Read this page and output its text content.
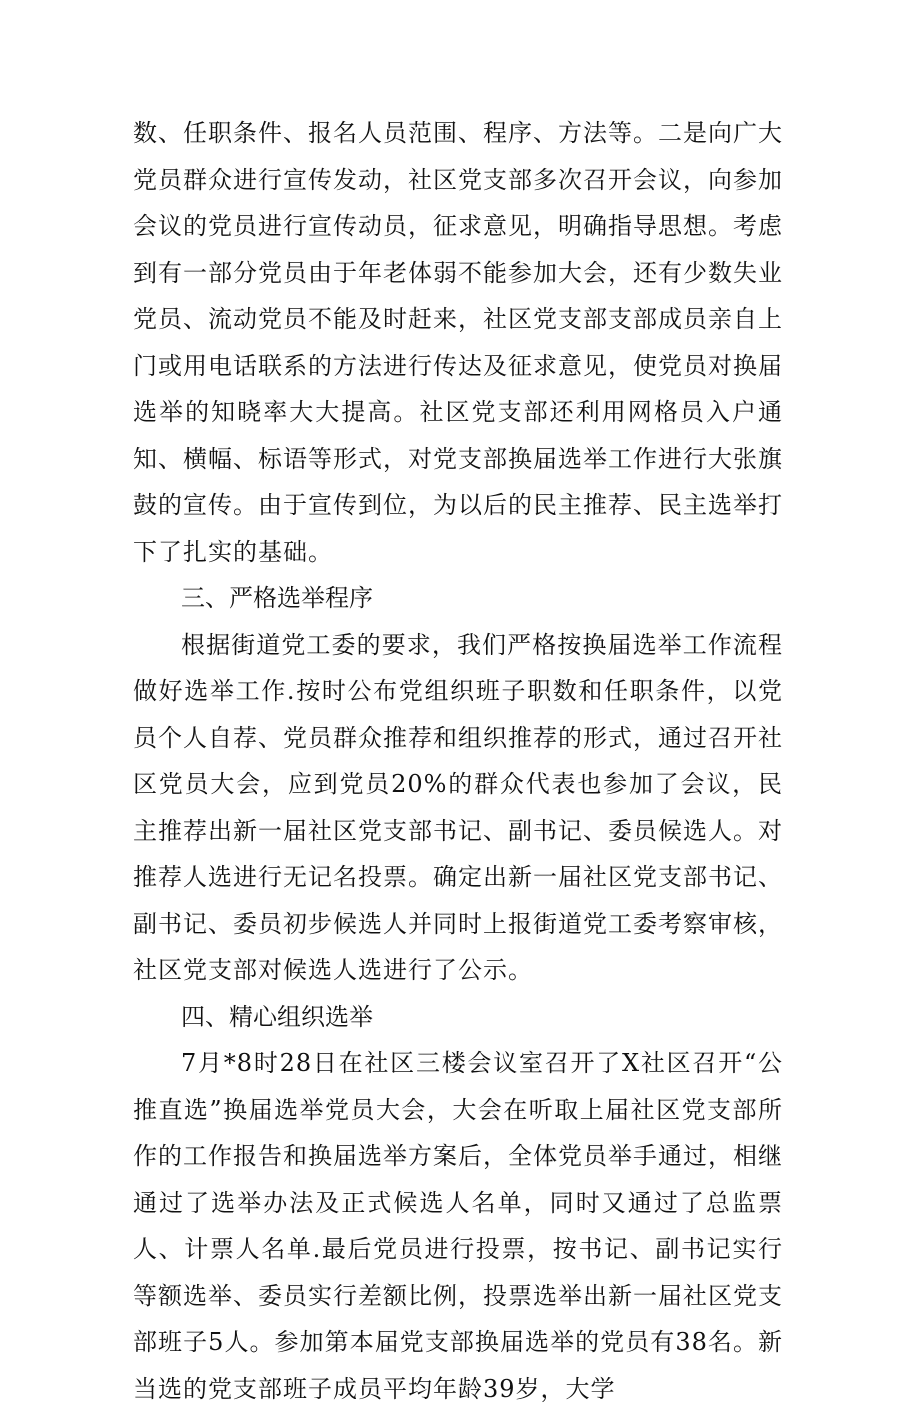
数、任职条件、报名人员范围、程序、方法等。二是向广大党员群众进行宣传发动，社区党支部多次召开会议，向参加会议的党员进行宣传动员，征求意见，明确指导思想。考虑到有一部分党员由于年老体弱不能参加大会，还有少数失业党员、流动党员不能及时赶来，社区党支部支部成员亲自上门或用电话联系的方法进行传达及征求意见，使党员对换届选举的知晓率大大提高。社区党支部还利用网格员入户通知、横幅、标语等形式，对党支部换届选举工作进行大张旗鼓的宣传。由于宣传到位，为以后的民主推荐、民主选举打下了扎实的基础。

三、严格选举程序

根据街道党工委的要求，我们严格按换届选举工作流程做好选举工作.按时公布党组织班子职数和任职条件，以党员个人自荐、党员群众推荐和组织推荐的形式，通过召开社区党员大会，应到党员20%的群众代表也参加了会议，民主推荐出新一届社区党支部书记、副书记、委员候选人。对推荐人选进行无记名投票。确定出新一届社区党支部书记、副书记、委员初步候选人并同时上报街道党工委考察审核，社区党支部对候选人选进行了公示。

四、精心组织选举

7月*8时28日在社区三楼会议室召开了X社区召开“公推直选”换届选举党员大会，大会在听取上届社区党支部所作的工作报告和换届选举方案后，全体党员举手通过，相继通过了选举办法及正式候选人名单，同时又通过了总监票人、计票人名单.最后党员进行投票，按书记、副书记实行等额选举、委员实行差额比例，投票选举出新一届社区党支部班子5人。参加第本届党支部换届选举的党员有38名。新当选的党支部班子成员平均年龄39岁，大学
